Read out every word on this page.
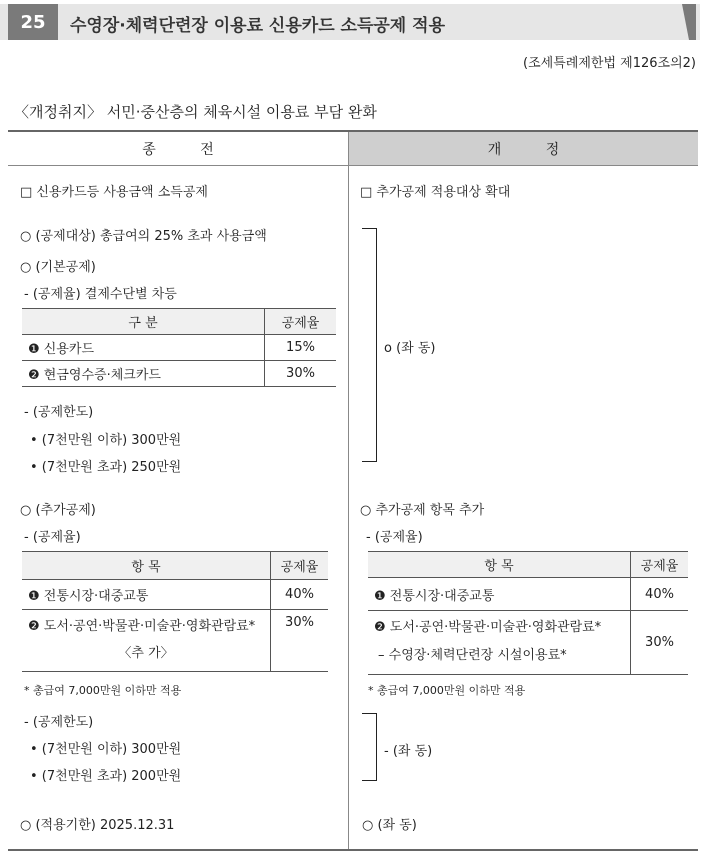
25	수영장·체력단련장 이용료 신용카드 소득공제 적용
(조세특례제한법 제126조의2)
〈개정취지〉 서민·중산층의 체육시설 이용료 부담 완화
종          전	개          정
□ 신용카드등 사용금액 소득공제
○ (공제대상) 총급여의 25% 초과 사용금액
○ (기본공제)
- (공제율) 결제수단별 차등
구 분	공제율
❶ 신용카드	15%
❷ 현금영수증·체크카드	30%
- (공제한도)
• (7천만원 이하) 300만원
• (7천만원 초과) 250만원
○ (추가공제)
- (공제율)
항 목	공제율
❶ 전통시장·대중교통	40%

❷ 도서·공연·박물관·미술관·영화관람료*
〈추 가〉	30%
* 총급여 7,000만원 이하만 적용
- (공제한도)
• (7천만원 이하) 300만원
• (7천만원 초과) 200만원
○ (적용기한) 2025.12.31
□ 추가공제 적용대상 확대
o (좌 동)
○ 추가공제 항목 추가
- (공제율)
항 목	공제율
❶ 전통시장·대중교통	40%

❷ 도서·공연·박물관·미술관·영화관람료*
– 수영장·체력단련장 시설이용료*	30%
* 총급여 7,000만원 이하만 적용
- (좌 동)
○ (좌 동)
